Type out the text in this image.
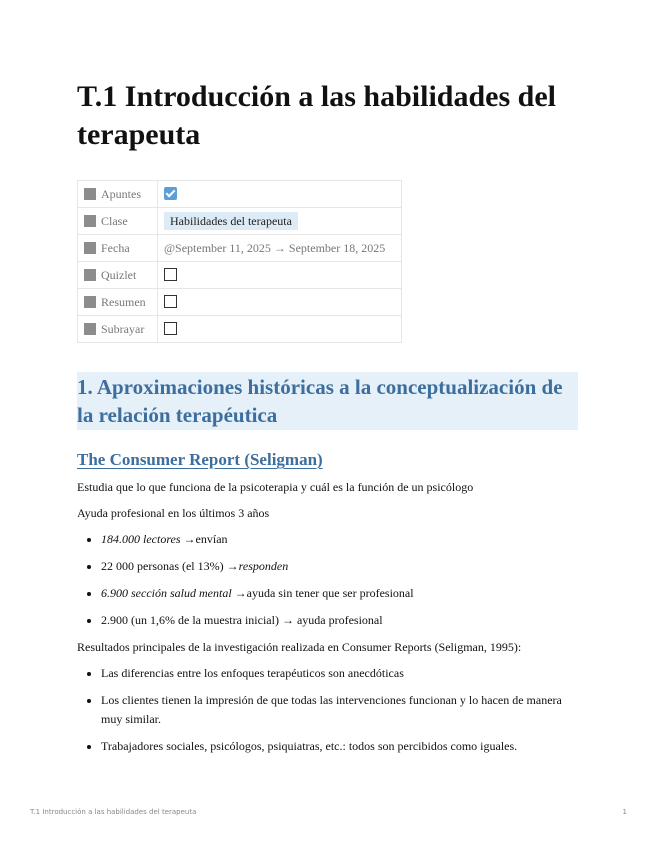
T.1 Introducción a las habilidades del terapeuta
Apuntes	
Clase	Habilidades del terapeuta
Fecha	@September 11, 2025 → September 18, 2025
Quizlet	
Resumen	
Subrayar	
1. Aproximaciones históricas a la conceptualización de la relación terapéutica
The Consumer Report (Seligman)

Estudia que lo que funciona de la psicoterapia y cuál es la función de un psicólogo

Ayuda profesional en los últimos 3 años

• 184.000 lectores →envían
• 22 000 personas (el 13%) →responden
• 6.900 sección salud mental →ayuda sin tener que ser profesional
• 2.900 (un 1,6% de la muestra inicial) → ayuda profesional

Resultados principales de la investigación realizada en Consumer Reports (Seligman, 1995):

• Las diferencias entre los enfoques terapéuticos son anecdóticas
• Los clientes tienen la impresión de que todas las intervenciones funcionan y lo hacen de manera muy similar.
• Trabajadores sociales, psicólogos, psiquiatras, etc.: todos son percibidos como iguales.
T.1 Introducción a las habilidades del terapeuta	1
